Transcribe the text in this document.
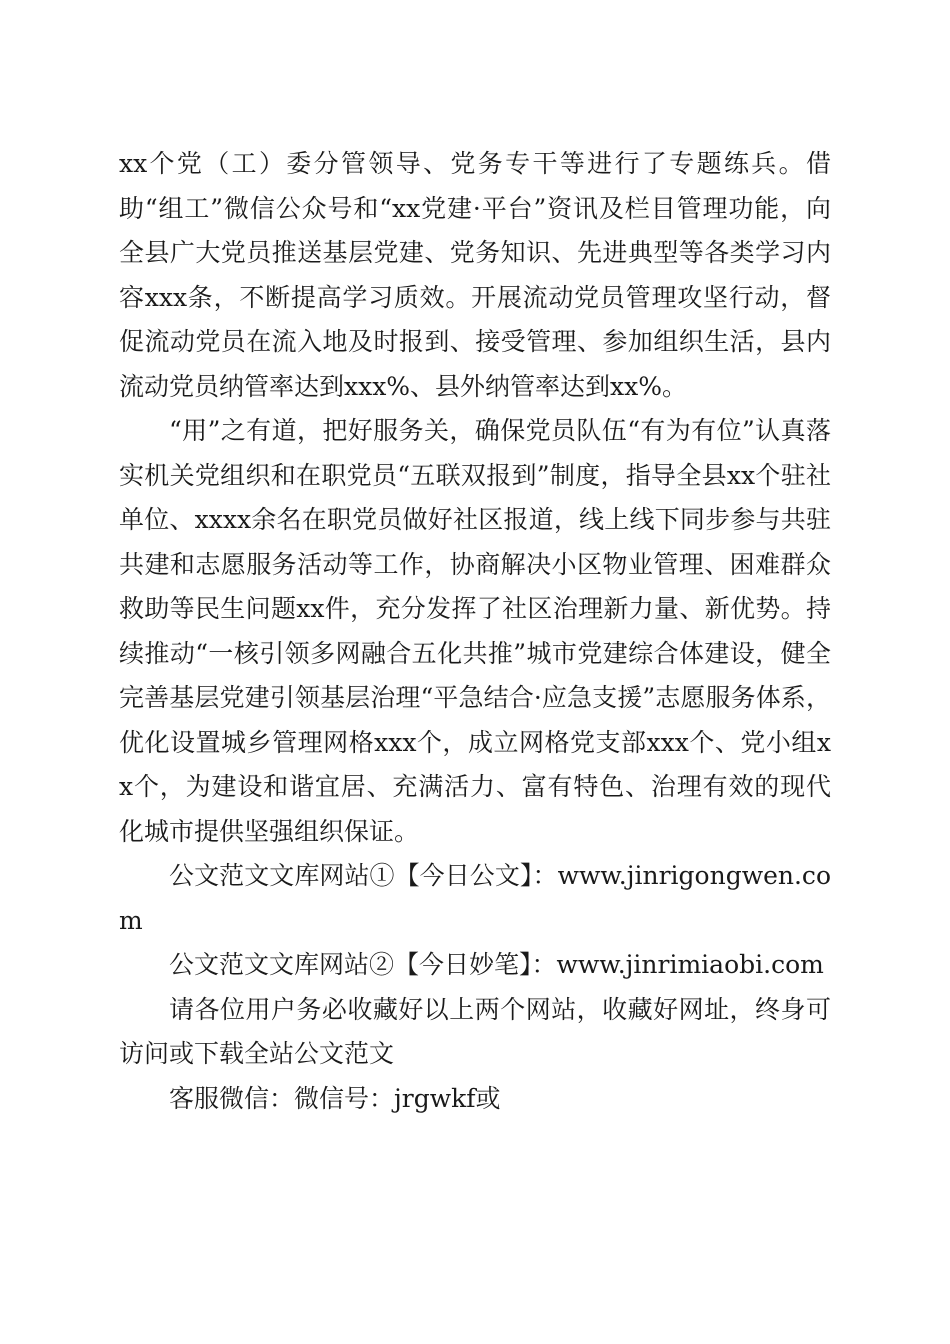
xx个党（工）委分管领导、党务专干等进行了专题练兵。借助“组工”微信公众号和“xx党建·平台”资讯及栏目管理功能，向全县广大党员推送基层党建、党务知识、先进典型等各类学习内容xxx条，不断提高学习质效。开展流动党员管理攻坚行动，督促流动党员在流入地及时报到、接受管理、参加组织生活，县内流动党员纳管率达到xxx%、县外纳管率达到xx%。

“用”之有道，把好服务关，确保党员队伍“有为有位”认真落实机关党组织和在职党员“五联双报到”制度，指导全县xx个驻社单位、xxxx余名在职党员做好社区报道，线上线下同步参与共驻共建和志愿服务活动等工作，协商解决小区物业管理、困难群众救助等民生问题xx件，充分发挥了社区治理新力量、新优势。持续推动“一核引领多网融合五化共推”城市党建综合体建设，健全完善基层党建引领基层治理“平急结合·应急支援”志愿服务体系，优化设置城乡管理网格xxx个，成立网格党支部xxx个、党小组xx个，为建设和谐宜居、充满活力、富有特色、治理有效的现代化城市提供坚强组织保证。

公文范文文库网站①【今日公文】：www.jinrigongwen.com

公文范文文库网站②【今日妙笔】：www.jinrimiaobi.com

请各位用户务必收藏好以上两个网站，收藏好网址，终身可访问或下载全站公文范文

客服微信：微信号：jrgwkf或
